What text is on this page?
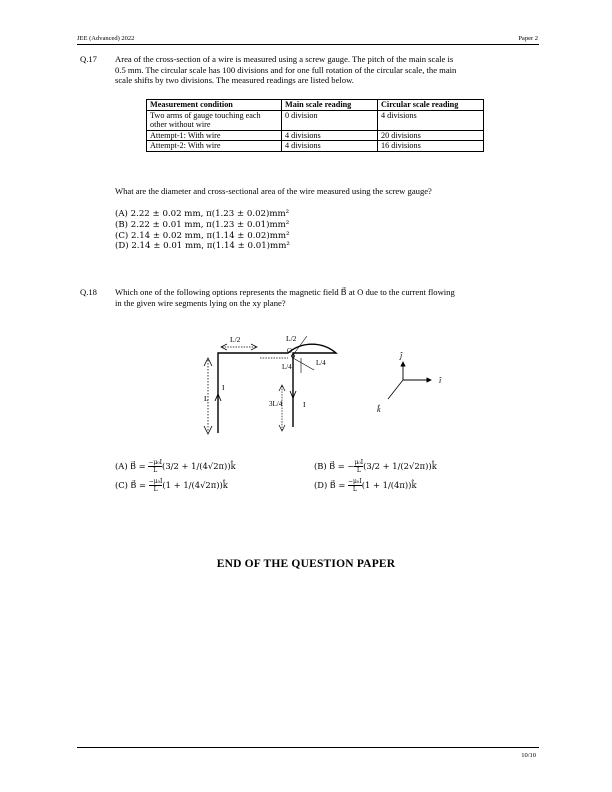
JEE (Advanced) 2022	Paper 2
Q.17 Area of the cross-section of a wire is measured using a screw gauge. The pitch of the main scale is
0.5 mm. The circular scale has 100 divisions and for one full rotation of the circular scale, the main
scale shifts by two divisions. The measured readings are listed below.
Measurement condition	Main scale reading	Circular scale reading
Two arms of gauge touching each other without wire	0 division	4 divisions
Attempt-1: With wire	4 divisions	20 divisions
Attempt-2: With wire	4 divisions	16 divisions
What are the diameter and cross-sectional area of the wire measured using the screw gauge?
(A) 2.22 ± 0.02 mm, π(1.23 ± 0.02)mm²
(B) 2.22 ± 0.01 mm, π(1.23 ± 0.01)mm²
(C) 2.14 ± 0.02 mm, π(1.14 ± 0.02)mm²
(D) 2.14 ± 0.01 mm, π(1.14 ± 0.01)mm²
Q.18 Which one of the following options represents the magnetic field B⃗ at O due to the current flowing
in the given wire segments lying on the xy plane?
L/2	L/2
O
L/4	L/4
I
L
3L/4	I
ĵ
î
k̂
(A) B⃗ = $\frac{\text{−μ₀I}}{L} (3/2$ + 1/(4√2π))k̂
(C) B⃗ = $\frac{\text{−μ₀I}}{L} (1$ + 1/(4√2π))k̂
(B) B⃗ = − $\frac{\text{μ₀I}}{L} (3/2$ + 1/(2√2π))k̂
(D) B⃗ = $\frac{\text{−μ₀I}}{L} (1$ + 1/(4π))k̂
END OF THE QUESTION PAPER
10/10
